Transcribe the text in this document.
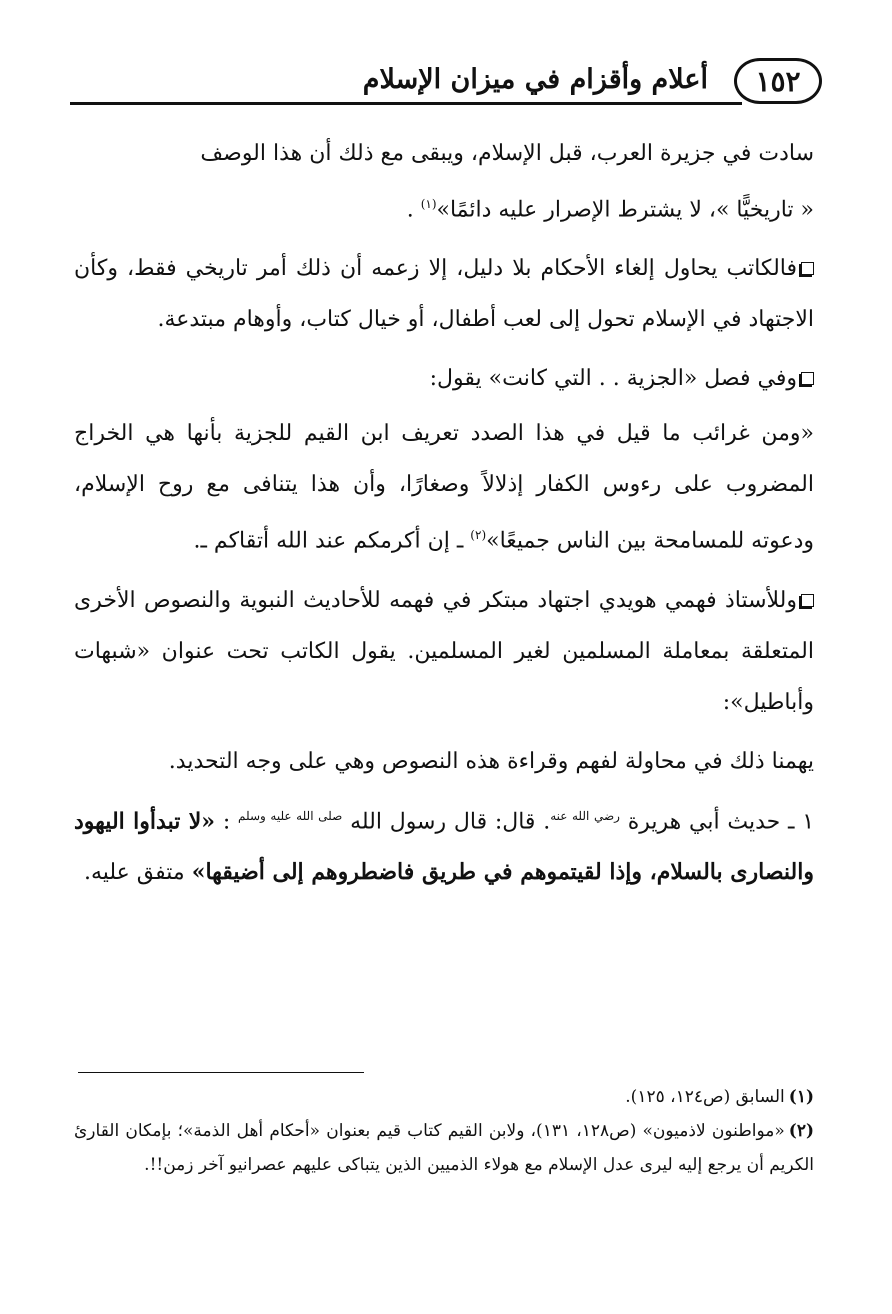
١٥٢
أعلام وأقزام في ميزان الإسلام

سادت في جزيرة العرب، قبل الإسلام، ويبقى مع ذلك أن هذا الوصف
« تاريخيًّا »، لا يشترط الإصرار عليه دائمًا»$^{(١)}$ .

فالكاتب يحاول إلغاء الأحكام بلا دليل، إلا زعمه أن ذلك أمر تاريخي فقط، وكأن الاجتهاد في الإسلام تحول إلى لعب أطفال، أو خيال كتاب، وأوهام مبتدعة.

وفي فصل «الجزية . . التي كانت» يقول:

«ومن غرائب ما قيل في هذا الصدد تعريف ابن القيم للجزية بأنها هي الخراج المضروب على رءوس الكفار إذلالاً وصغارًا، وأن هذا يتنافى مع روح الإسلام، ودعوته للمسامحة بين الناس جميعًا»$^{(٢)}$ ـ إن أكرمكم عند الله أتقاكم ـ.

وللأستاذ فهمي هويدي اجتهاد مبتكر في فهمه للأحاديث النبوية والنصوص الأخرى المتعلقة بمعاملة المسلمين لغير المسلمين. يقول الكاتب تحت عنوان «شبهات وأباطيل»:

يهمنا ذلك في محاولة لفهم وقراءة هذه النصوص وهي على وجه التحديد.

١ ـ حديث أبي هريرة $^{رضي الله عنه}$. قال: قال رسول الله $^{صلى الله عليه وسلم}$ : «لا تبدأوا اليهود والنصارى بالسلام، وإذا لقيتموهم في طريق فاضطروهم إلى أضيقها» متفق عليه.

(١)السابق (ص١٢٤، ١٢٥).

(٢)«مواطنون لاذميون» (ص١٢٨، ١٣١)، ولابن القيم كتاب قيم بعنوان «أحكام أهل الذمة»؛ بإمكان القارئ الكريم أن يرجع إليه ليرى عدل الإسلام مع هولاء الذميين الذين يتباكى عليهم عصرانيو آخر زمن!!.
